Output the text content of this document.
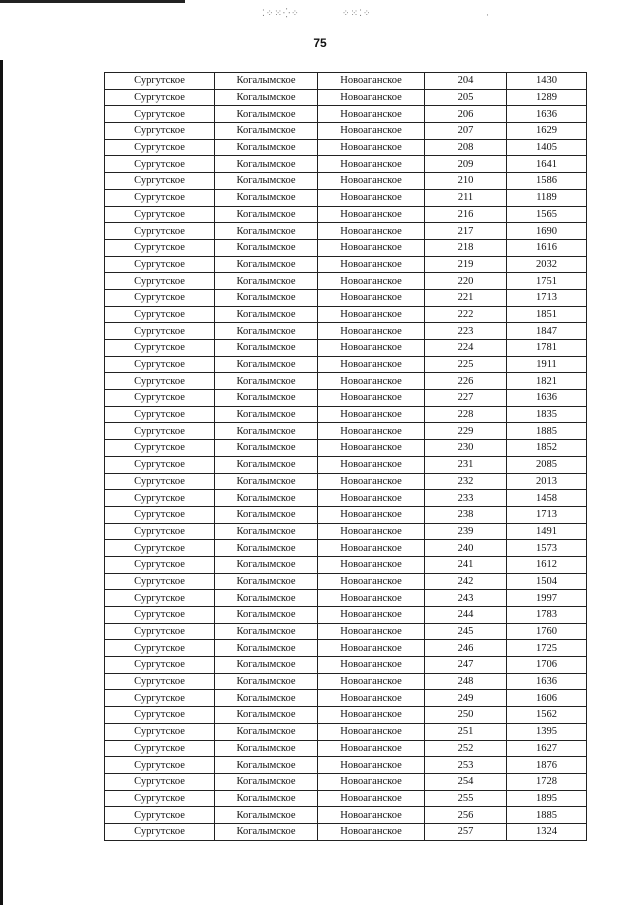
⁚⁘⁙⁛⁘	⁘⁙⁚⁘	·
75
Сургутское	Когалымское	Новоаганское	204	1430
Сургутское	Когалымское	Новоаганское	205	1289
Сургутское	Когалымское	Новоаганское	206	1636
Сургутское	Когалымское	Новоаганское	207	1629
Сургутское	Когалымское	Новоаганское	208	1405
Сургутское	Когалымское	Новоаганское	209	1641
Сургутское	Когалымское	Новоаганское	210	1586
Сургутское	Когалымское	Новоаганское	211	1189
Сургутское	Когалымское	Новоаганское	216	1565
Сургутское	Когалымское	Новоаганское	217	1690
Сургутское	Когалымское	Новоаганское	218	1616
Сургутское	Когалымское	Новоаганское	219	2032
Сургутское	Когалымское	Новоаганское	220	1751
Сургутское	Когалымское	Новоаганское	221	1713
Сургутское	Когалымское	Новоаганское	222	1851
Сургутское	Когалымское	Новоаганское	223	1847
Сургутское	Когалымское	Новоаганское	224	1781
Сургутское	Когалымское	Новоаганское	225	1911
Сургутское	Когалымское	Новоаганское	226	1821
Сургутское	Когалымское	Новоаганское	227	1636
Сургутское	Когалымское	Новоаганское	228	1835
Сургутское	Когалымское	Новоаганское	229	1885
Сургутское	Когалымское	Новоаганское	230	1852
Сургутское	Когалымское	Новоаганское	231	2085
Сургутское	Когалымское	Новоаганское	232	2013
Сургутское	Когалымское	Новоаганское	233	1458
Сургутское	Когалымское	Новоаганское	238	1713
Сургутское	Когалымское	Новоаганское	239	1491
Сургутское	Когалымское	Новоаганское	240	1573
Сургутское	Когалымское	Новоаганское	241	1612
Сургутское	Когалымское	Новоаганское	242	1504
Сургутское	Когалымское	Новоаганское	243	1997
Сургутское	Когалымское	Новоаганское	244	1783
Сургутское	Когалымское	Новоаганское	245	1760
Сургутское	Когалымское	Новоаганское	246	1725
Сургутское	Когалымское	Новоаганское	247	1706
Сургутское	Когалымское	Новоаганское	248	1636
Сургутское	Когалымское	Новоаганское	249	1606
Сургутское	Когалымское	Новоаганское	250	1562
Сургутское	Когалымское	Новоаганское	251	1395
Сургутское	Когалымское	Новоаганское	252	1627
Сургутское	Когалымское	Новоаганское	253	1876
Сургутское	Когалымское	Новоаганское	254	1728
Сургутское	Когалымское	Новоаганское	255	1895
Сургутское	Когалымское	Новоаганское	256	1885
Сургутское	Когалымское	Новоаганское	257	1324
